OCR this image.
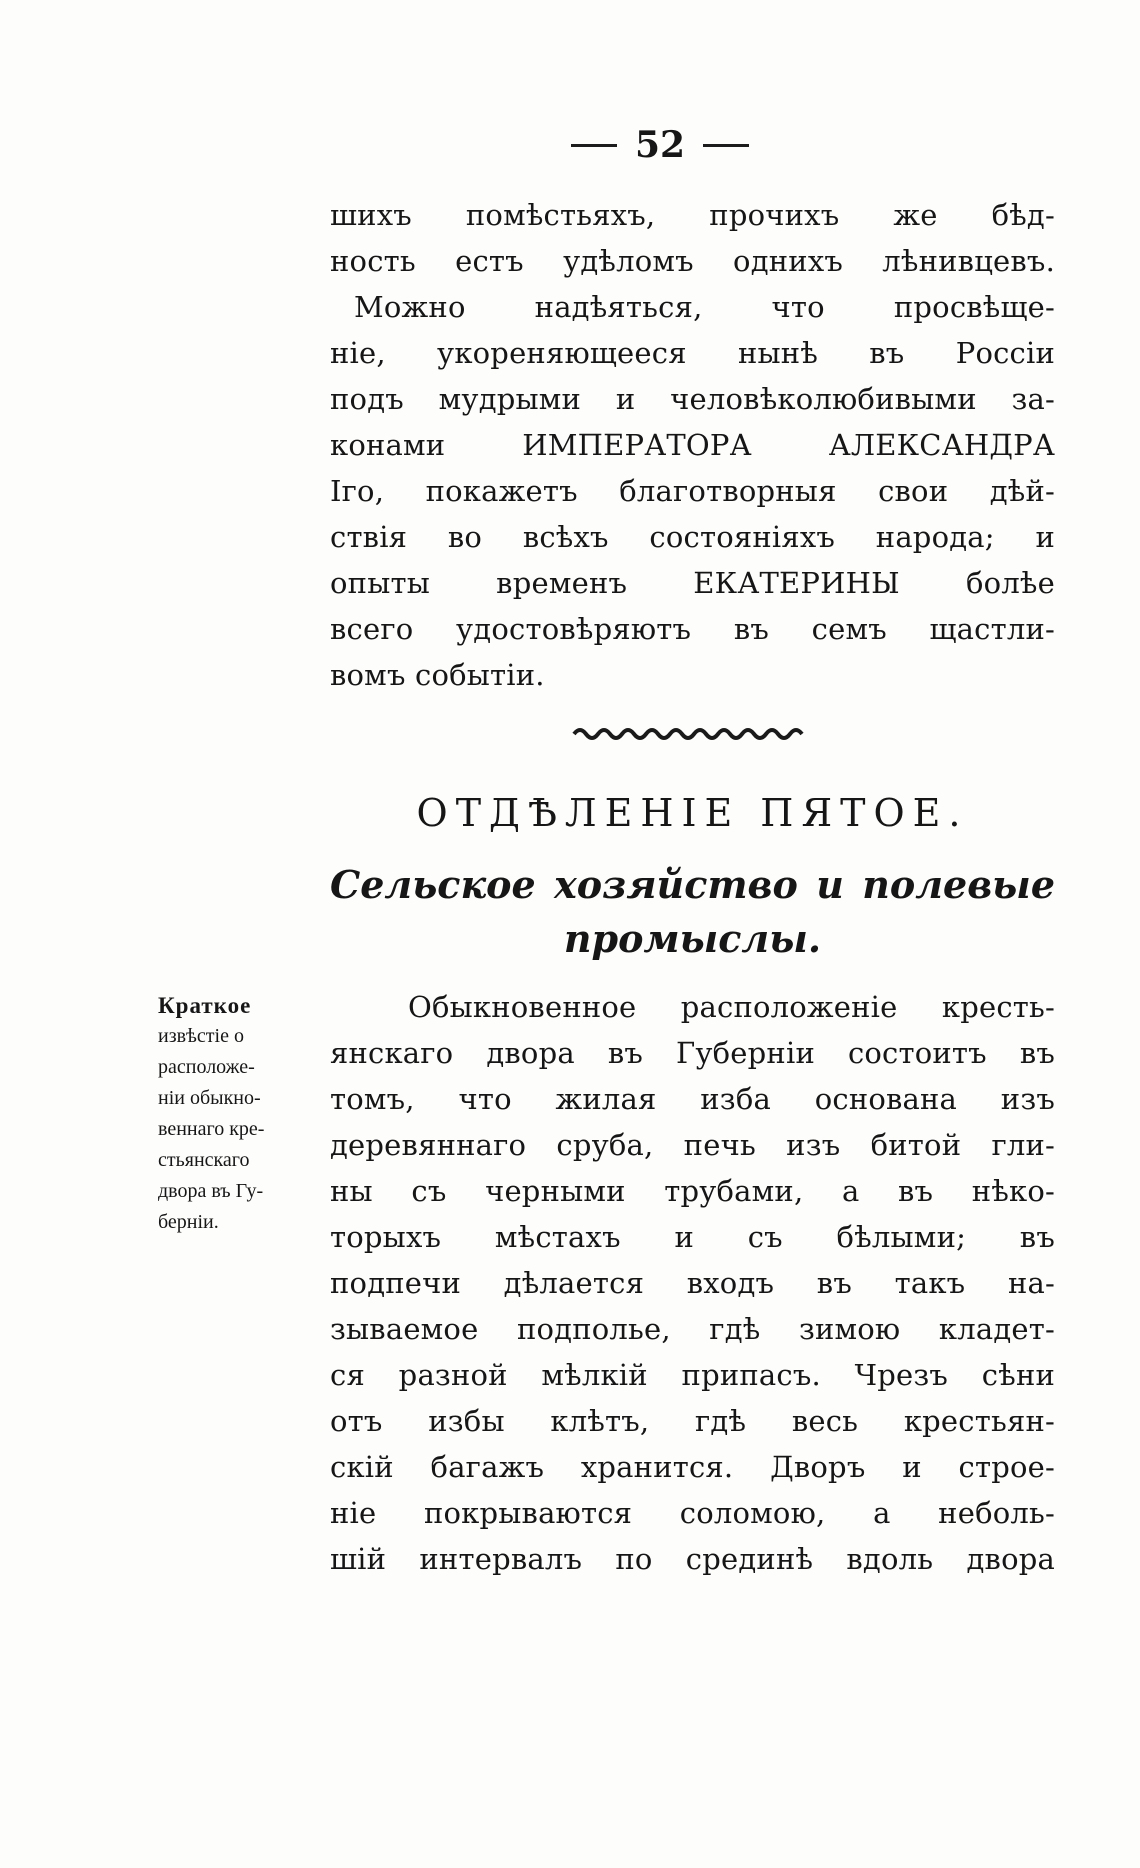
52
шихъ помѣстьяхъ, прочихъ же бѣд-
ность естъ удѣломъ однихъ лѣнивцевъ.
Можно надѣяться, что просвѣще-
ніе, укореняющееся нынѣ въ Россіи
подъ мудрыми и человѣколюбивыми за-
конами ИМПЕРАТОРА АЛЕКСАНДРА
Iго, покажетъ благотворныя свои дѣй-
ствія во всѣхъ состояніяхъ народа; и
опыты временъ ЕКАТЕРИНЫ болѣе
всего удостовѣряютъ въ семъ щастли-
вомъ событіи.
ОТДѢЛЕНІЕ ПЯТОЕ.
Сельское хозяйство и полевые
промыслы.
Краткое
извѣстіе о
расположе-
ніи обыкно-
веннаго кре-
стьянскаго
двора въ Гу-
берніи.
Обыкновенное расположеніе кресть-
янскаго двора въ Губерніи состоитъ въ
томъ, что жилая изба основана изъ
деревяннаго сруба, печь изъ битой гли-
ны съ черными трубами, а въ нѣко-
торыхъ мѣстахъ и съ бѣлыми; въ
подпечи дѣлается входъ въ такъ на-
зываемое подполье, гдѣ зимою кладет-
ся разной мѣлкій припасъ. Чрезъ сѣни
отъ избы клѣтъ, гдѣ весь крестьян-
скій багажъ хранится. Дворъ и строе-
ніе покрываются соломою, а неболь-
шій интервалъ по срединѣ вдоль двора
